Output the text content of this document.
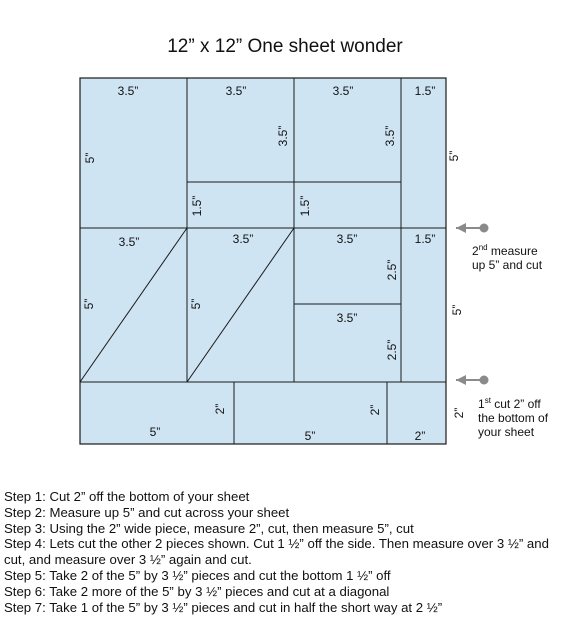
12” x 12” One sheet wonder
3.5”	3.5”	3.5”	1.5”
5”
3.5”	3.5”
5”
1.5”	1.5”
3.5”	3.5”	3.5”	1.5”
3.5”
5”	5”
2.5”
2.5”
5”
5”	5”	2”
2”	2”	2”
2nd measure
up 5” and cut
1st cut 2” off
the bottom of
your sheet
Step 1: Cut 2” off the bottom of your sheet
Step 2: Measure up 5” and cut across your sheet
Step 3: Using the 2” wide piece, measure 2”, cut, then measure 5”, cut
Step 4: Lets cut the other 2 pieces shown. Cut 1 ½” off the side. Then measure over 3 ½” and cut, and measure over 3 ½” again and cut.
Step 5: Take 2 of the 5” by 3 ½” pieces and cut the bottom 1 ½” off
Step 6: Take 2 more of the 5” by 3 ½” pieces and cut at a diagonal
Step 7: Take 1 of the 5” by 3 ½” pieces and cut in half the short way at 2 ½”
